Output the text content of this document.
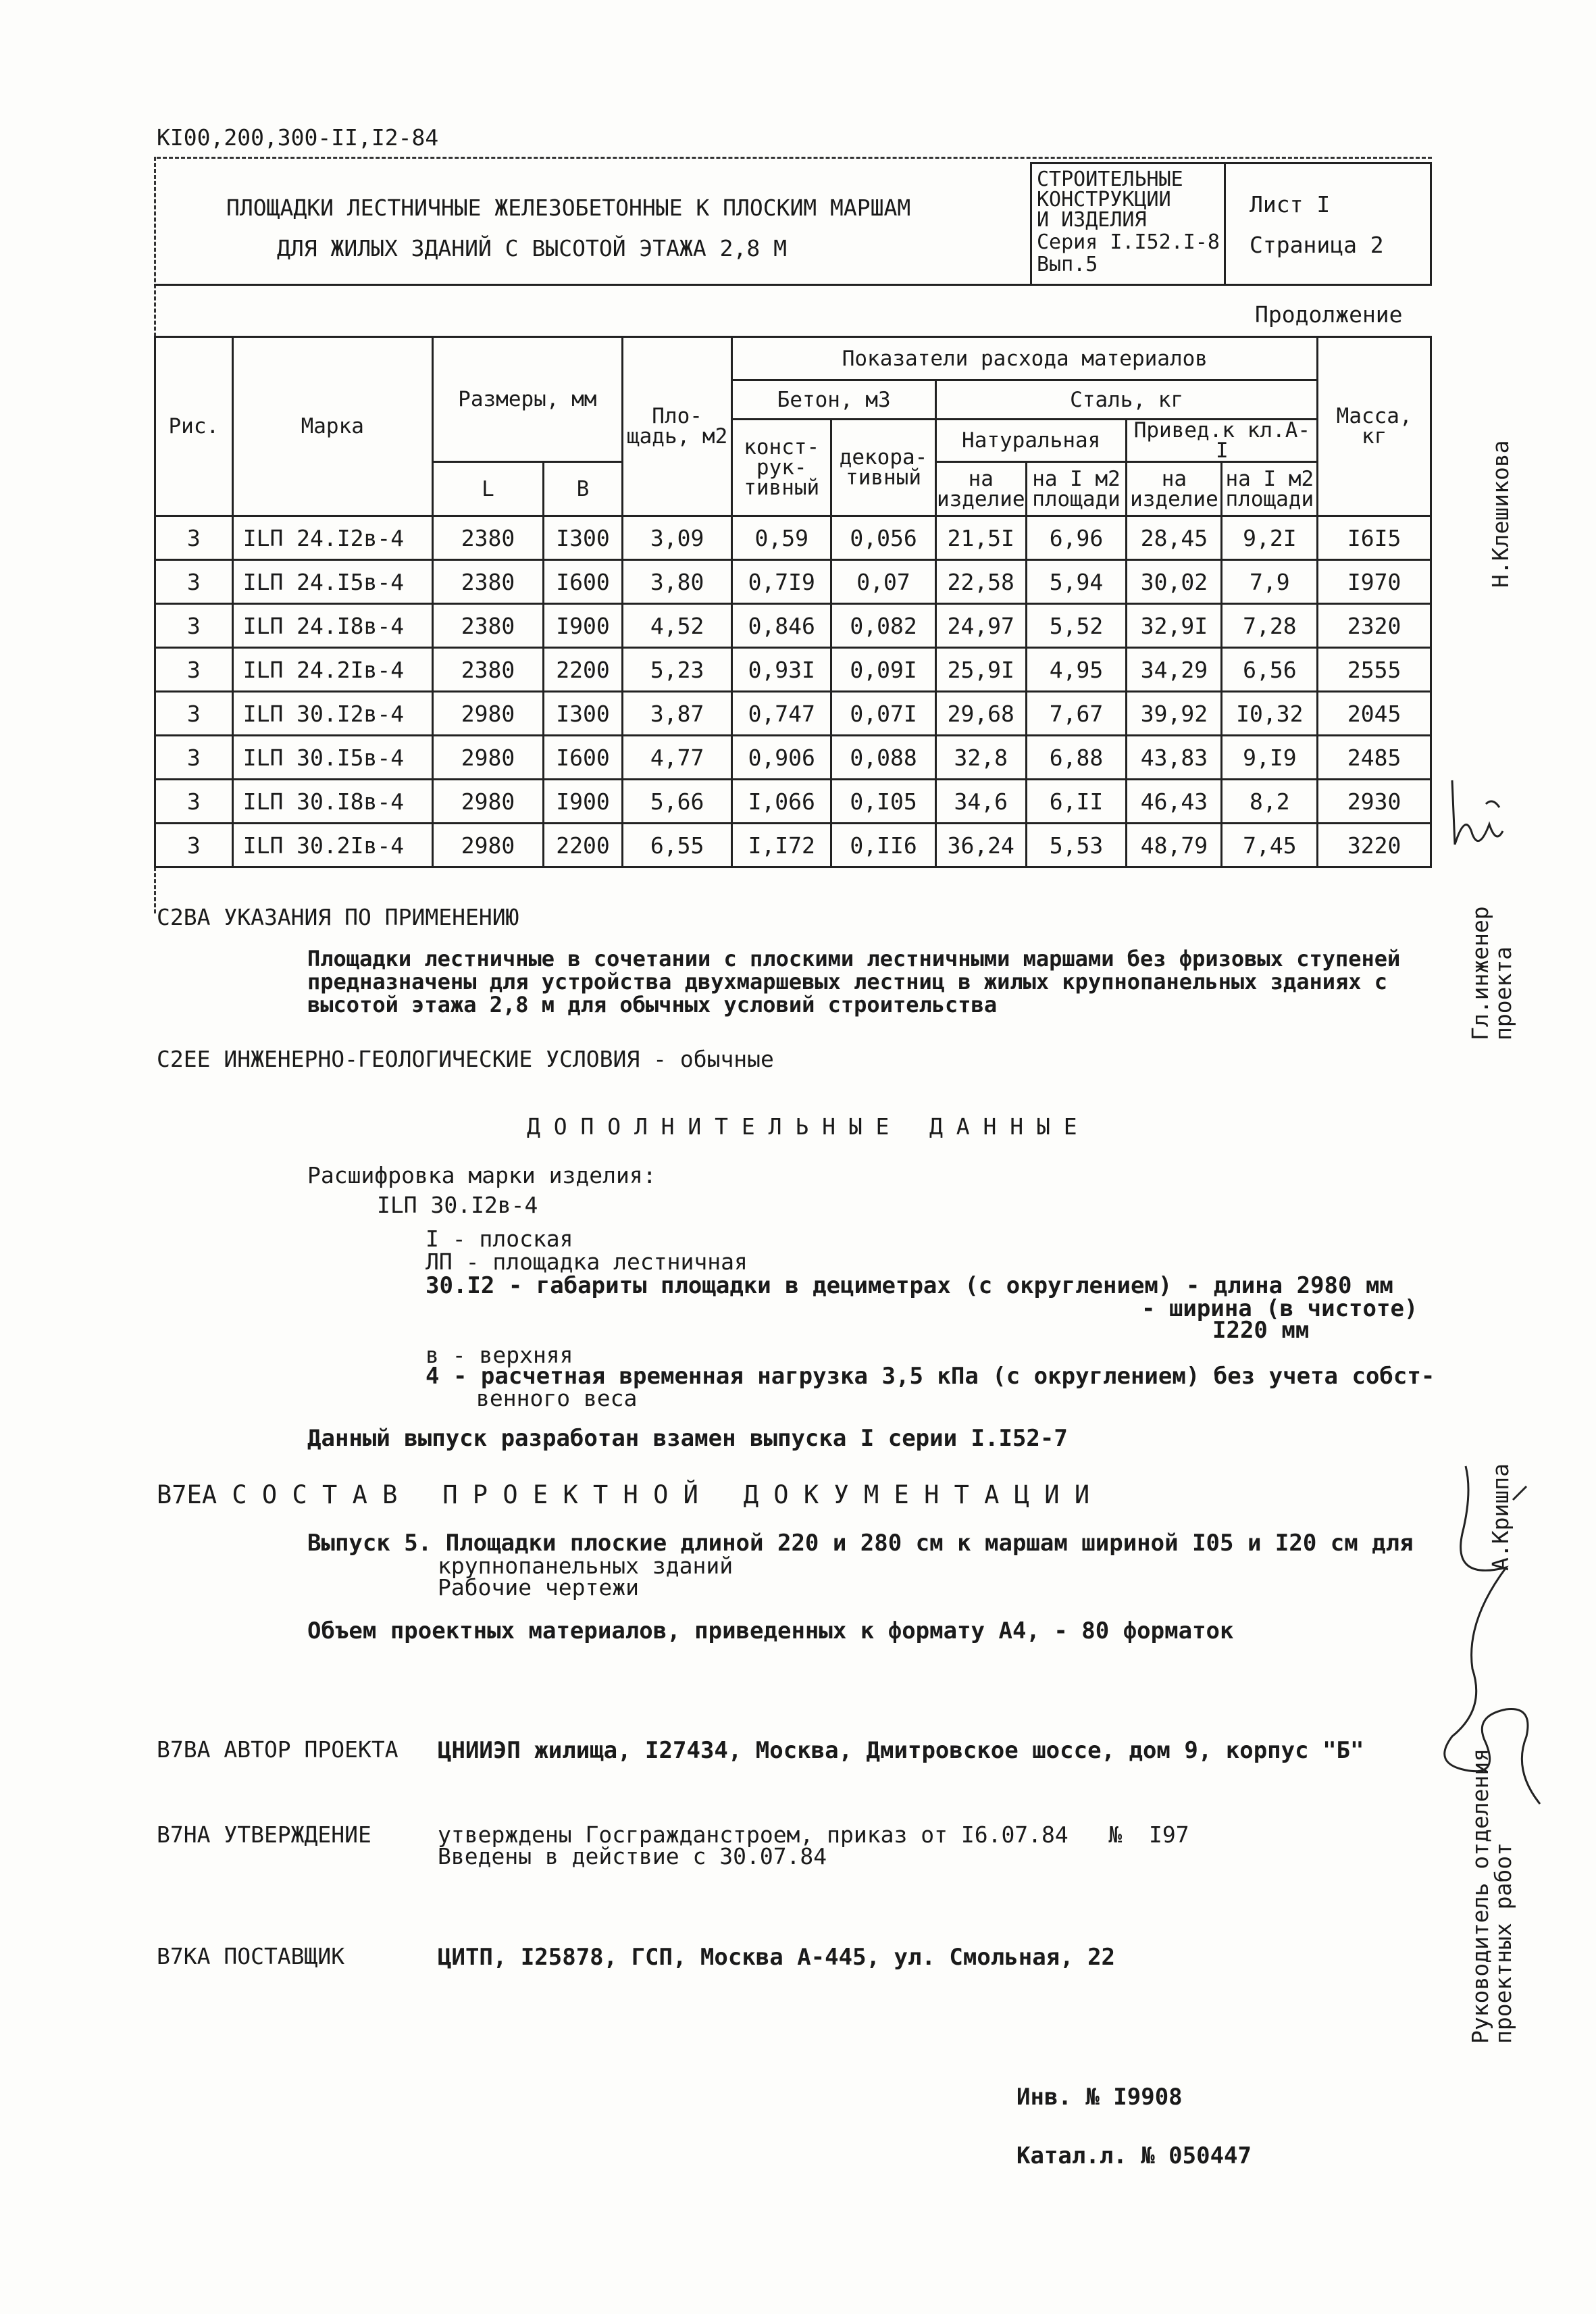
KI00,200,300-II,I2-84
ПЛОЩАДКИ ЛЕСТНИЧНЫЕ ЖЕЛЕЗОБЕТОННЫЕ К ПЛОСКИМ МАРШАМ
ДЛЯ ЖИЛЫХ ЗДАНИЙ С ВЫСОТОЙ ЭТАЖА 2,8 М
СТРОИТЕЛЬНЫЕ
КОНСТРУКЦИИ
И ИЗДЕЛИЯ
Серия I.I52.I-8
Вып.5
Лист I
Страница 2
Продолжение
Рис.	Марка	Размеры, мм		Пло- щадь, м2	Показатели расхода материалов						Масса, кг
					Бетон, м3		Сталь, кг				
					конст- рук- тивный	декора- тивный	Натуральная		Привед.к кл.А-I		
		L	В				на изделие	на I м2 площади	на изделие	на I м2 площади	
3	ILП 24.I2в-4	2380	I300	3,09	0,59	0,056	21,5I	6,96	28,45	9,2I	I6I5
3	ILП 24.I5в-4	2380	I600	3,80	0,7I9	0,07	22,58	5,94	30,02	7,9	I970
3	ILП 24.I8в-4	2380	I900	4,52	0,846	0,082	24,97	5,52	32,9I	7,28	2320
3	ILП 24.2Iв-4	2380	2200	5,23	0,93I	0,09I	25,9I	4,95	34,29	6,56	2555
3	ILП 30.I2в-4	2980	I300	3,87	0,747	0,07I	29,68	7,67	39,92	I0,32	2045
3	ILП 30.I5в-4	2980	I600	4,77	0,906	0,088	32,8	6,88	43,83	9,I9	2485
3	ILП 30.I8в-4	2980	I900	5,66	I,066	0,I05	34,6	6,II	46,43	8,2	2930
3	ILП 30.2Iв-4	2980	2200	6,55	I,I72	0,II6	36,24	5,53	48,79	7,45	3220
С2ВА УКАЗАНИЯ ПО ПРИМЕНЕНИЮ
Площадки лестничные в сочетании с плоскими лестничными маршами без фризовых ступеней
предназначены для устройства двухмаршевых лестниц в жилых крупнопанельных зданиях с
высотой этажа 2,8 м для обычных условий строительства
С2ЕЕ ИНЖЕНЕРНО-ГЕОЛОГИЧЕСКИЕ УСЛОВИЯ - обычные
Д О П О Л Н И Т Е Л Ь Н Ы Е   Д А Н Н Ы Е
Расшифровка марки изделия:
ILП 30.I2в-4
I - плоская
ЛП - площадка лестничная
30.I2 - габариты площадки в дециметрах (с округлением) - длина 2980 мм
- ширина (в чистоте)
I220 мм
в - верхняя
4 - расчетная временная нагрузка 3,5 кПа (с округлением) без учета собст-
венного веса
Данный выпуск разработан взамен выпуска I серии I.I52-7
В7ЕА С О С Т А В   П Р О Е К Т Н О Й   Д О К У М Е Н Т А Ц И И
Выпуск 5. Площадки плоские длиной 220 и 280 см к маршам шириной I05 и I20 см для
крупнопанельных зданий
Рабочие чертежи
Объем проектных материалов, приведенных к формату А4, - 80 форматок
В7ВА АВТОР ПРОЕКТА ЦНИИЭП жилища, I27434, Москва, Дмитровское шоссе, дом 9, корпус "Б"
В7НА УТВЕРЖДЕНИЕ	утверждены Госгражданстроем, приказ от I6.07.84   №  I97
Введены в действие с 30.07.84
В7КА ПОСТАВЩИК	ЦИТП, I25878, ГСП, Москва А-445, ул. Смольная, 22
Инв. № I9908
Катал.л. № 050447
Н.Клешикова
Гл.инженер
проекта
А.Кришпа
Руководитель отделения
проектных работ
